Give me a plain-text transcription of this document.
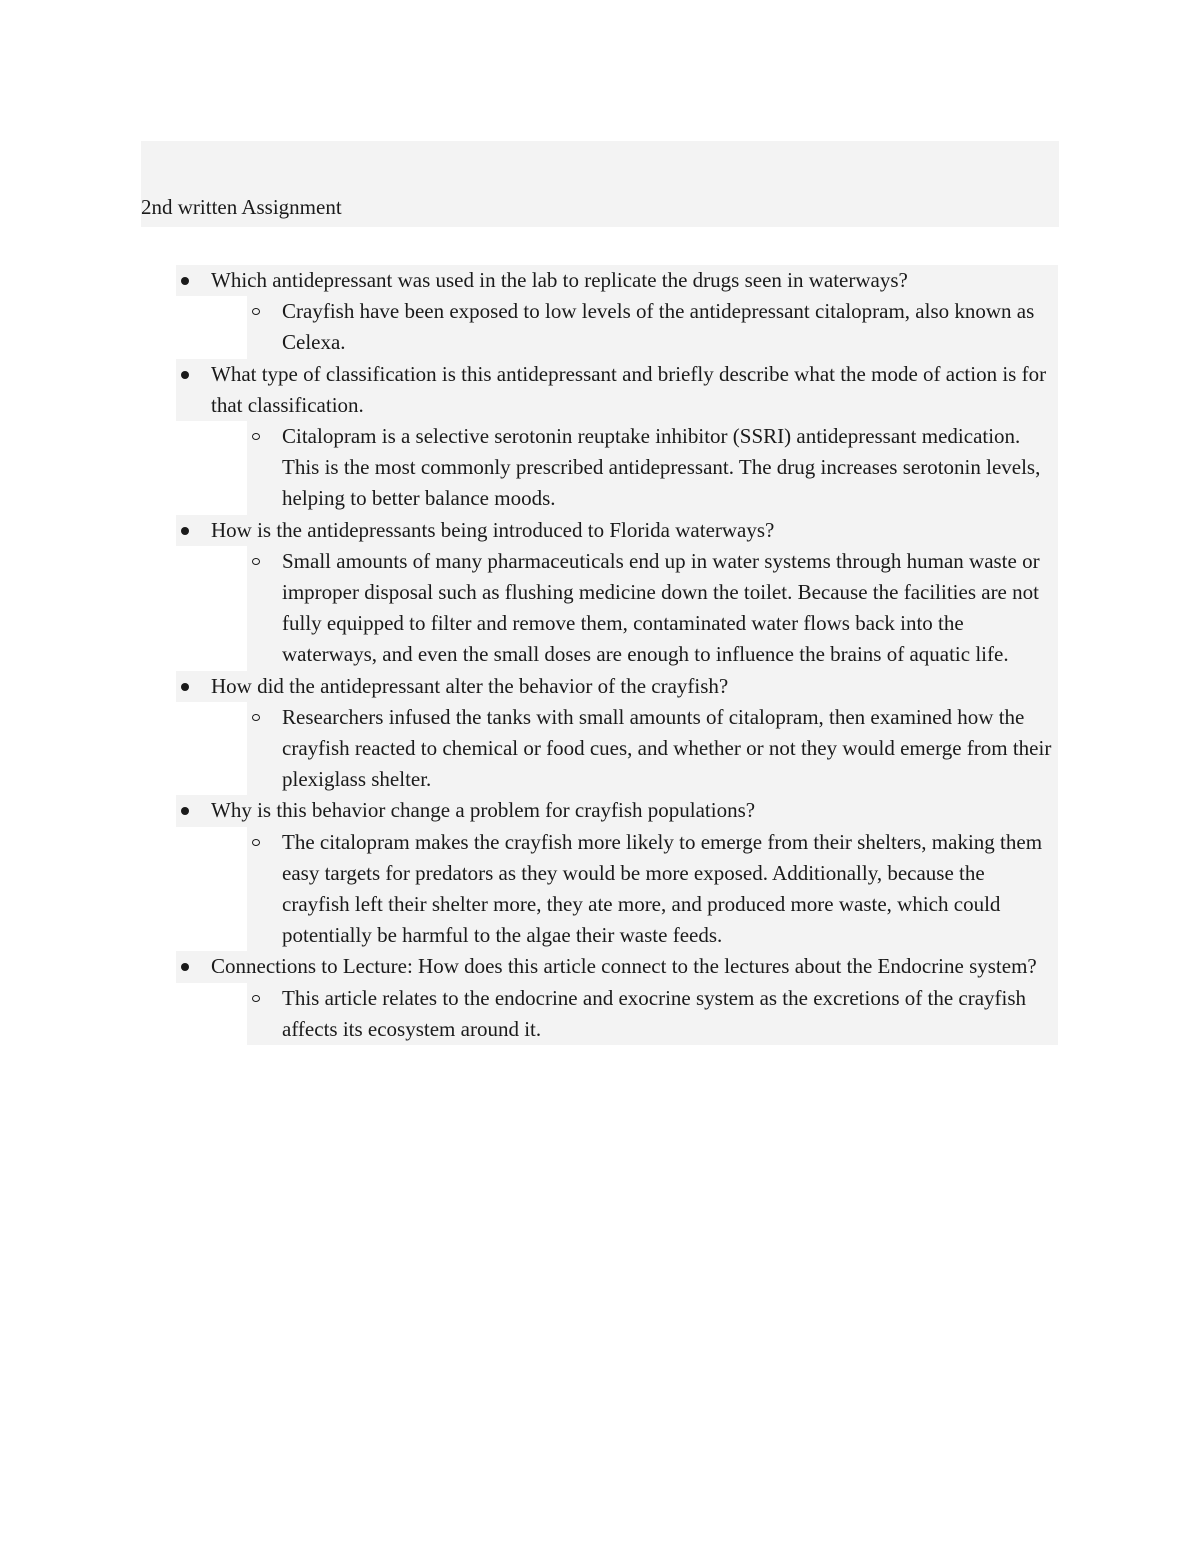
2nd written Assignment
Which antidepressant was used in the lab to replicate the drugs seen in waterways?
Crayfish have been exposed to low levels of the antidepressant citalopram, also known as Celexa.
What type of classification is this antidepressant and briefly describe what the mode of action is for that classification.
Citalopram is a selective serotonin reuptake inhibitor (SSRI) antidepressant medication. This is the most commonly prescribed antidepressant. The drug increases serotonin levels, helping to better balance moods.
How is the antidepressants being introduced to Florida waterways?
Small amounts of many pharmaceuticals end up in water systems through human waste or improper disposal such as flushing medicine down the toilet. Because the facilities are not fully equipped to filter and remove them, contaminated water flows back into the waterways, and even the small doses are enough to influence the brains of aquatic life.
How did the antidepressant alter the behavior of the crayfish?
Researchers infused the tanks with small amounts of citalopram, then examined how the crayfish reacted to chemical or food cues, and whether or not they would emerge from their plexiglass shelter.
Why is this behavior change a problem for crayfish populations?
The citalopram makes the crayfish more likely to emerge from their shelters, making them easy targets for predators as they would be more exposed. Additionally, because the crayfish left their shelter more, they ate more, and produced more waste, which could potentially be harmful to the algae their waste feeds.
Connections to Lecture: How does this article connect to the lectures about the Endocrine system?
This article relates to the endocrine and exocrine system as the excretions of the crayfish affects its ecosystem around it.
